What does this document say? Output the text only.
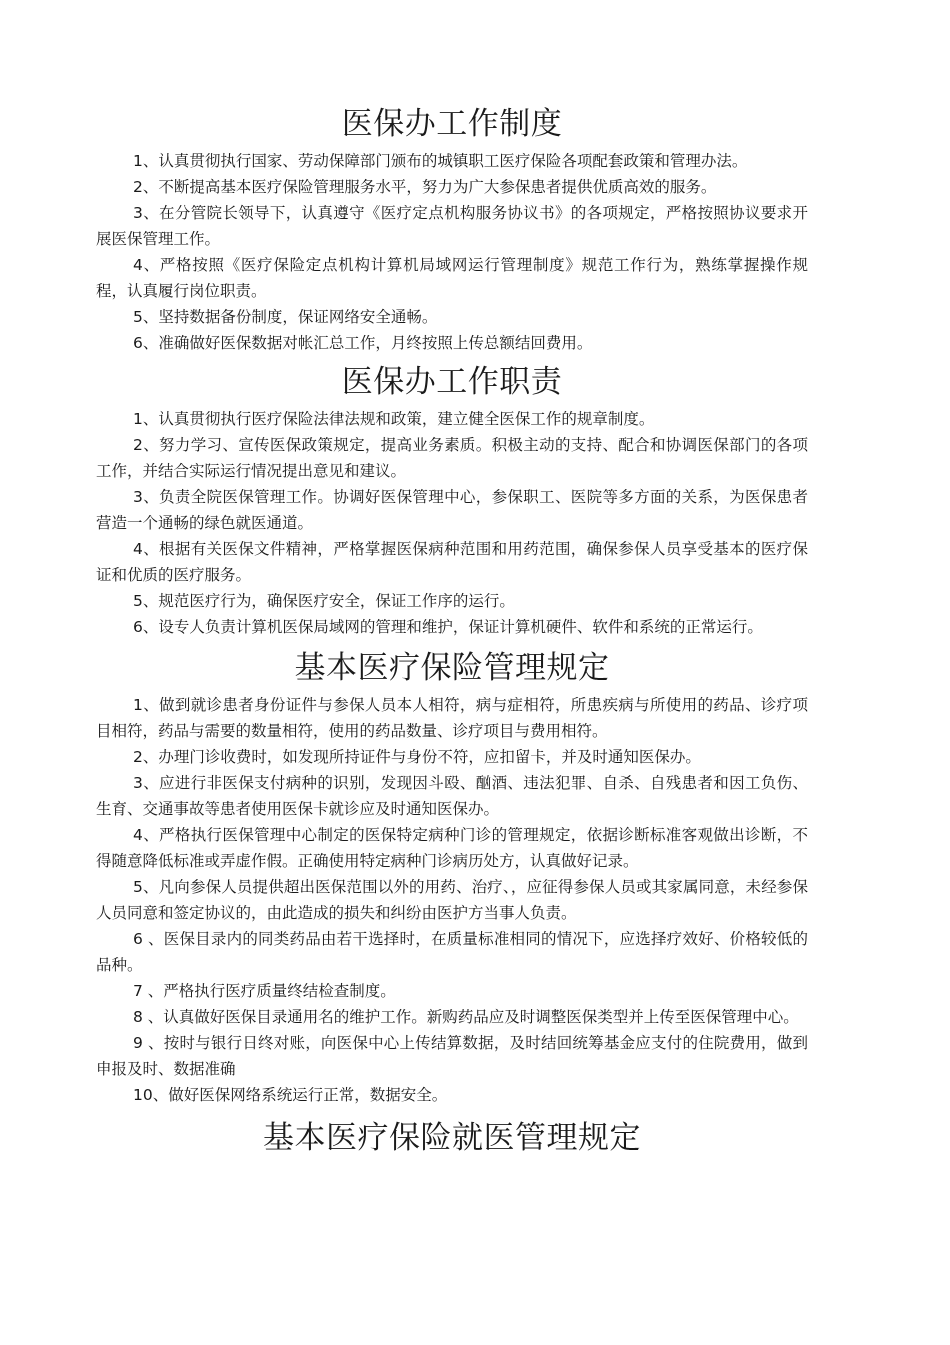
医保办工作制度

1、认真贯彻执行国家、劳动保障部门颁布的城镇职工医疗保险各项配套政策和管理办法。

2、不断提高基本医疗保险管理服务水平，努力为广大参保患者提供优质高效的服务。

3、在分管院长领导下，认真遵守《医疗定点机构服务协议书》的各项规定，严格按照协议要求开展医保管理工作。

4、严格按照《医疗保险定点机构计算机局域网运行管理制度》规范工作行为，熟练掌握操作规程，认真履行岗位职责。

5、坚持数据备份制度，保证网络安全通畅。

6、准确做好医保数据对帐汇总工作，月终按照上传总额结回费用。

医保办工作职责

1、认真贯彻执行医疗保险法律法规和政策，建立健全医保工作的规章制度。

2、努力学习、宣传医保政策规定，提高业务素质。积极主动的支持、配合和协调医保部门的各项工作，并结合实际运行情况提出意见和建议。

3、负责全院医保管理工作。协调好医保管理中心，参保职工、医院等多方面的关系，为医保患者营造一个通畅的绿色就医通道。

4、根据有关医保文件精神，严格掌握医保病种范围和用药范围，确保参保人员享受基本的医疗保证和优质的医疗服务。

5、规范医疗行为，确保医疗安全，保证工作序的运行。

6、设专人负责计算机医保局域网的管理和维护，保证计算机硬件、软件和系统的正常运行。

基本医疗保险管理规定

1、做到就诊患者身份证件与参保人员本人相符，病与症相符，所患疾病与所使用的药品、诊疗项目相符，药品与需要的数量相符，使用的药品数量、诊疗项目与费用相符。

2、办理门诊收费时，如发现所持证件与身份不符，应扣留卡，并及时通知医保办。

3、应进行非医保支付病种的识别，发现因斗殴、酗酒、违法犯罪、自杀、自残患者和因工负伤、生育、交通事故等患者使用医保卡就诊应及时通知医保办。

4、严格执行医保管理中心制定的医保特定病种门诊的管理规定，依据诊断标准客观做出诊断，不得随意降低标准或弄虚作假。正确使用特定病种门诊病历处方，认真做好记录。

5、凡向参保人员提供超出医保范围以外的用药、治疗、，应征得参保人员或其家属同意，未经参保人员同意和签定协议的，由此造成的损失和纠纷由医护方当事人负责。

6 、医保目录内的同类药品由若干选择时，在质量标准相同的情况下，应选择疗效好、价格较低的品种。

7 、严格执行医疗质量终结检查制度。

8 、认真做好医保目录通用名的维护工作。新购药品应及时调整医保类型并上传至医保管理中心。

9 、按时与银行日终对账，向医保中心上传结算数据，及时结回统筹基金应支付的住院费用，做到申报及时、数据准确

10、做好医保网络系统运行正常，数据安全。

基本医疗保险就医管理规定
